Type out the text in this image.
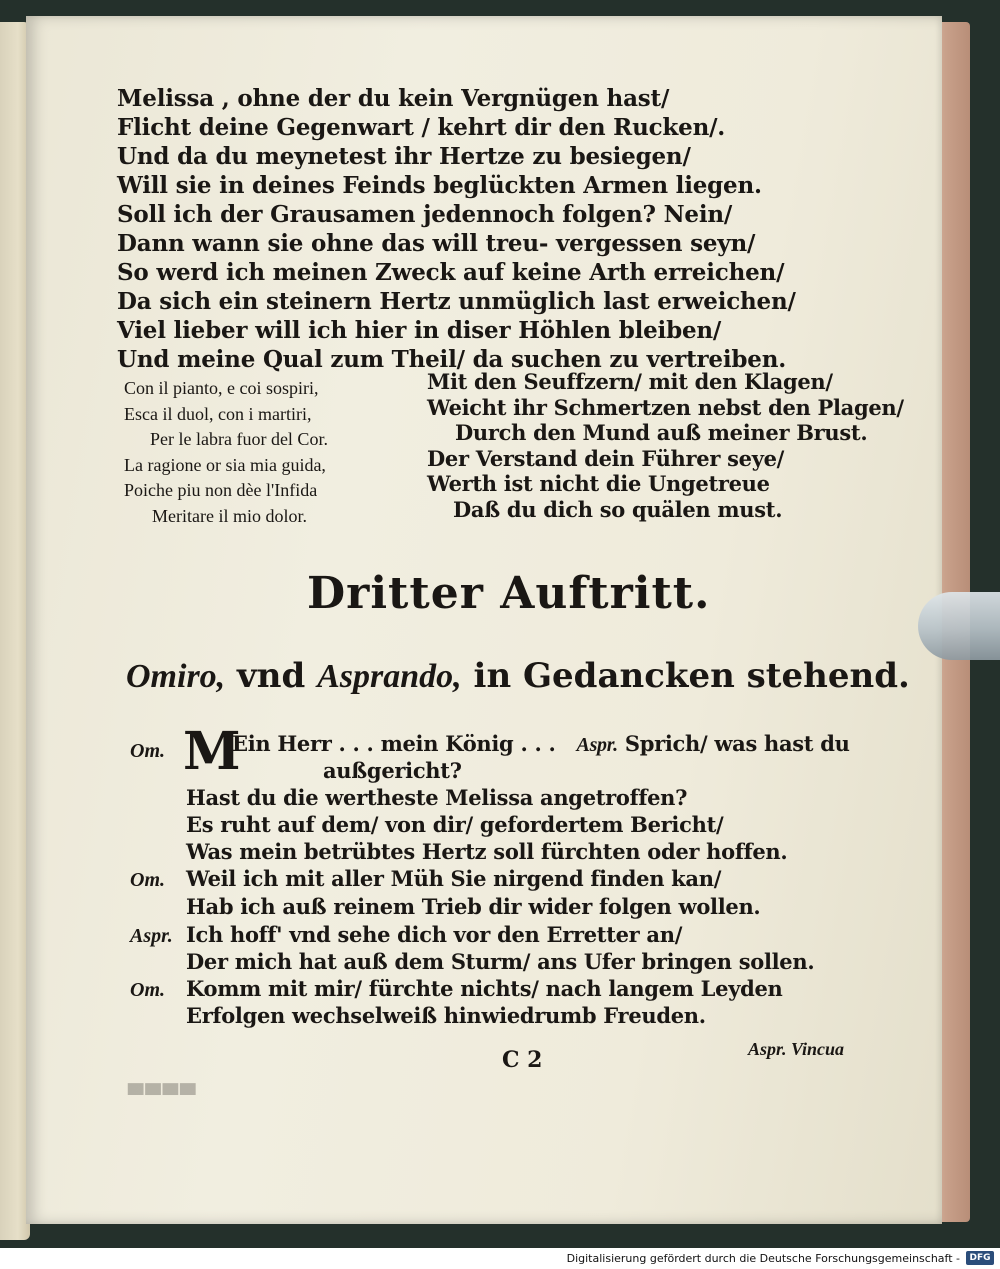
Melissa , ohne der du kein Vergnügen hast/
Flicht deine Gegenwart / kehrt dir den Rucken/.
Und da du meynetest ihr Hertze zu besiegen/
Will sie in deines Feinds beglückten Armen liegen.
Soll ich der Grausamen jedennoch folgen? Nein/
Dann wann sie ohne das will treu- vergessen seyn/
So werd ich meinen Zweck auf keine Arth erreichen/
Da sich ein steinern Hertz unmüglich last erweichen/
Viel lieber will ich hier in diser Höhlen bleiben/
Und meine Qual zum Theil/ da suchen zu vertreiben.
Con il pianto, e coi sospiri,
Esca il duol, con i martiri,
Per le labra fuor del Cor.
La ragione or sia mia guida,
Poiche piu non dèe l'Infida
Meritare il mio dolor.
Mit den Seuffzern/ mit den Klagen/
Weicht ihr Schmertzen nebst den Plagen/
Durch den Mund auß meiner Brust.
Der Verstand dein Führer seye/
Werth ist nicht die Ungetreue
Daß du dich so quälen must.
Dritter Auftritt.
Omiro, vnd Asprando, in Gedancken stehend.
Om. M
Ein Herr . . . mein König . . . Aspr. Sprich/ was hast du
außgericht?
Hast du die wertheste Melissa angetroffen?
Es ruht auf dem/ von dir/ gefordertem Bericht/
Was mein betrübtes Hertz soll fürchten oder hoffen.
Om. Weil ich mit aller Müh Sie nirgend finden kan/
Hab ich auß reinem Trieb dir wider folgen wollen.
Aspr. Ich hoff' vnd sehe dich vor den Erretter an/
Der mich hat auß dem Sturm/ ans Ufer bringen sollen.
Om. Komm mit mir/ fürchte nichts/ nach langem Leyden
Erfolgen wechselweiß hinwiedrumb Freuden.
C 2	Aspr. Vincua
▀▀▀▀
Digitalisierung gefördert durch die Deutsche Forschungsgemeinschaft -	DFG
